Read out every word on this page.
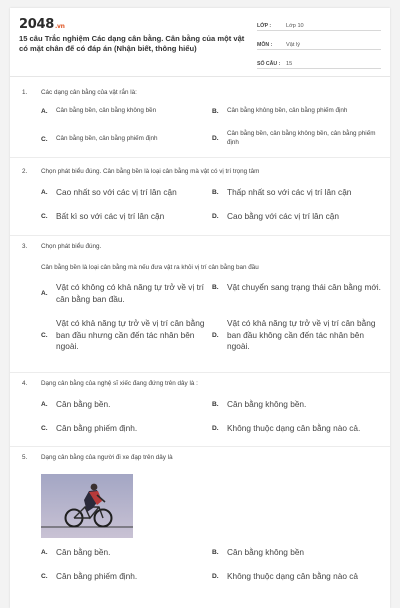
2048.vn
15 câu Trắc nghiệm Các dạng cân bằng. Cân bằng của một vật có mặt chân đế có đáp án (Nhận biết, thông hiểu)
LỚP :	Lớp 10
MÔN :	Vật lý
SỐ CÂU :	15
1. Các dạng cân bằng của vật rắn là:
A.	Cân bằng bền, cân bằng không bền	B.	Cân bằng không bền, cân bằng phiếm định
C.	Cân bằng bền, cân bằng phiếm định	D.
Cân bằng bền, cân bằng không bền, cân bằng phiếm định
2. Chọn phát biểu đúng. Cân bằng bền là loại cân bằng mà vật có vị trí trọng tâm
A.	Cao nhất so với các vị trí lân cận	B.	Thấp nhất so với các vị trí lân cận
C.	Bất kì so với các vị trí lân cận	D.	Cao bằng với các vị trí lân cận
3. Chọn phát biểu đúng.
Cân bằng bền là loại cân bằng mà nếu đưa vật ra khỏi vị trí cân bằng ban đầu
A.
Vật có không có khả năng tự trở về vị trí cân bằng ban đầu.
B.	Vật chuyển sang trạng thái cân bằng mới.
C.
Vật có khả năng tự trở về vị trí cân bằng ban đầu nhưng cần đến tác nhân bên ngoài.
D.
Vật có khả năng tự trở về vị trí cân bằng ban đầu không cần đến tác nhân bên ngoài.
4. Dạng cân bằng của nghệ sĩ xiếc đang đứng trên dây là :
A.	Cân bằng bền.	B.	Cân bằng không bền.
C.	Cân bằng phiếm định.	D.	Không thuộc dạng cân bằng nào cả.
5. Dạng cân bằng của người đi xe đạp trên dây là
A.	Cân bằng bền.	B.	Cân bằng không bền
C.	Cân bằng phiếm định.	D.	Không thuộc dạng cân bằng nào cả
